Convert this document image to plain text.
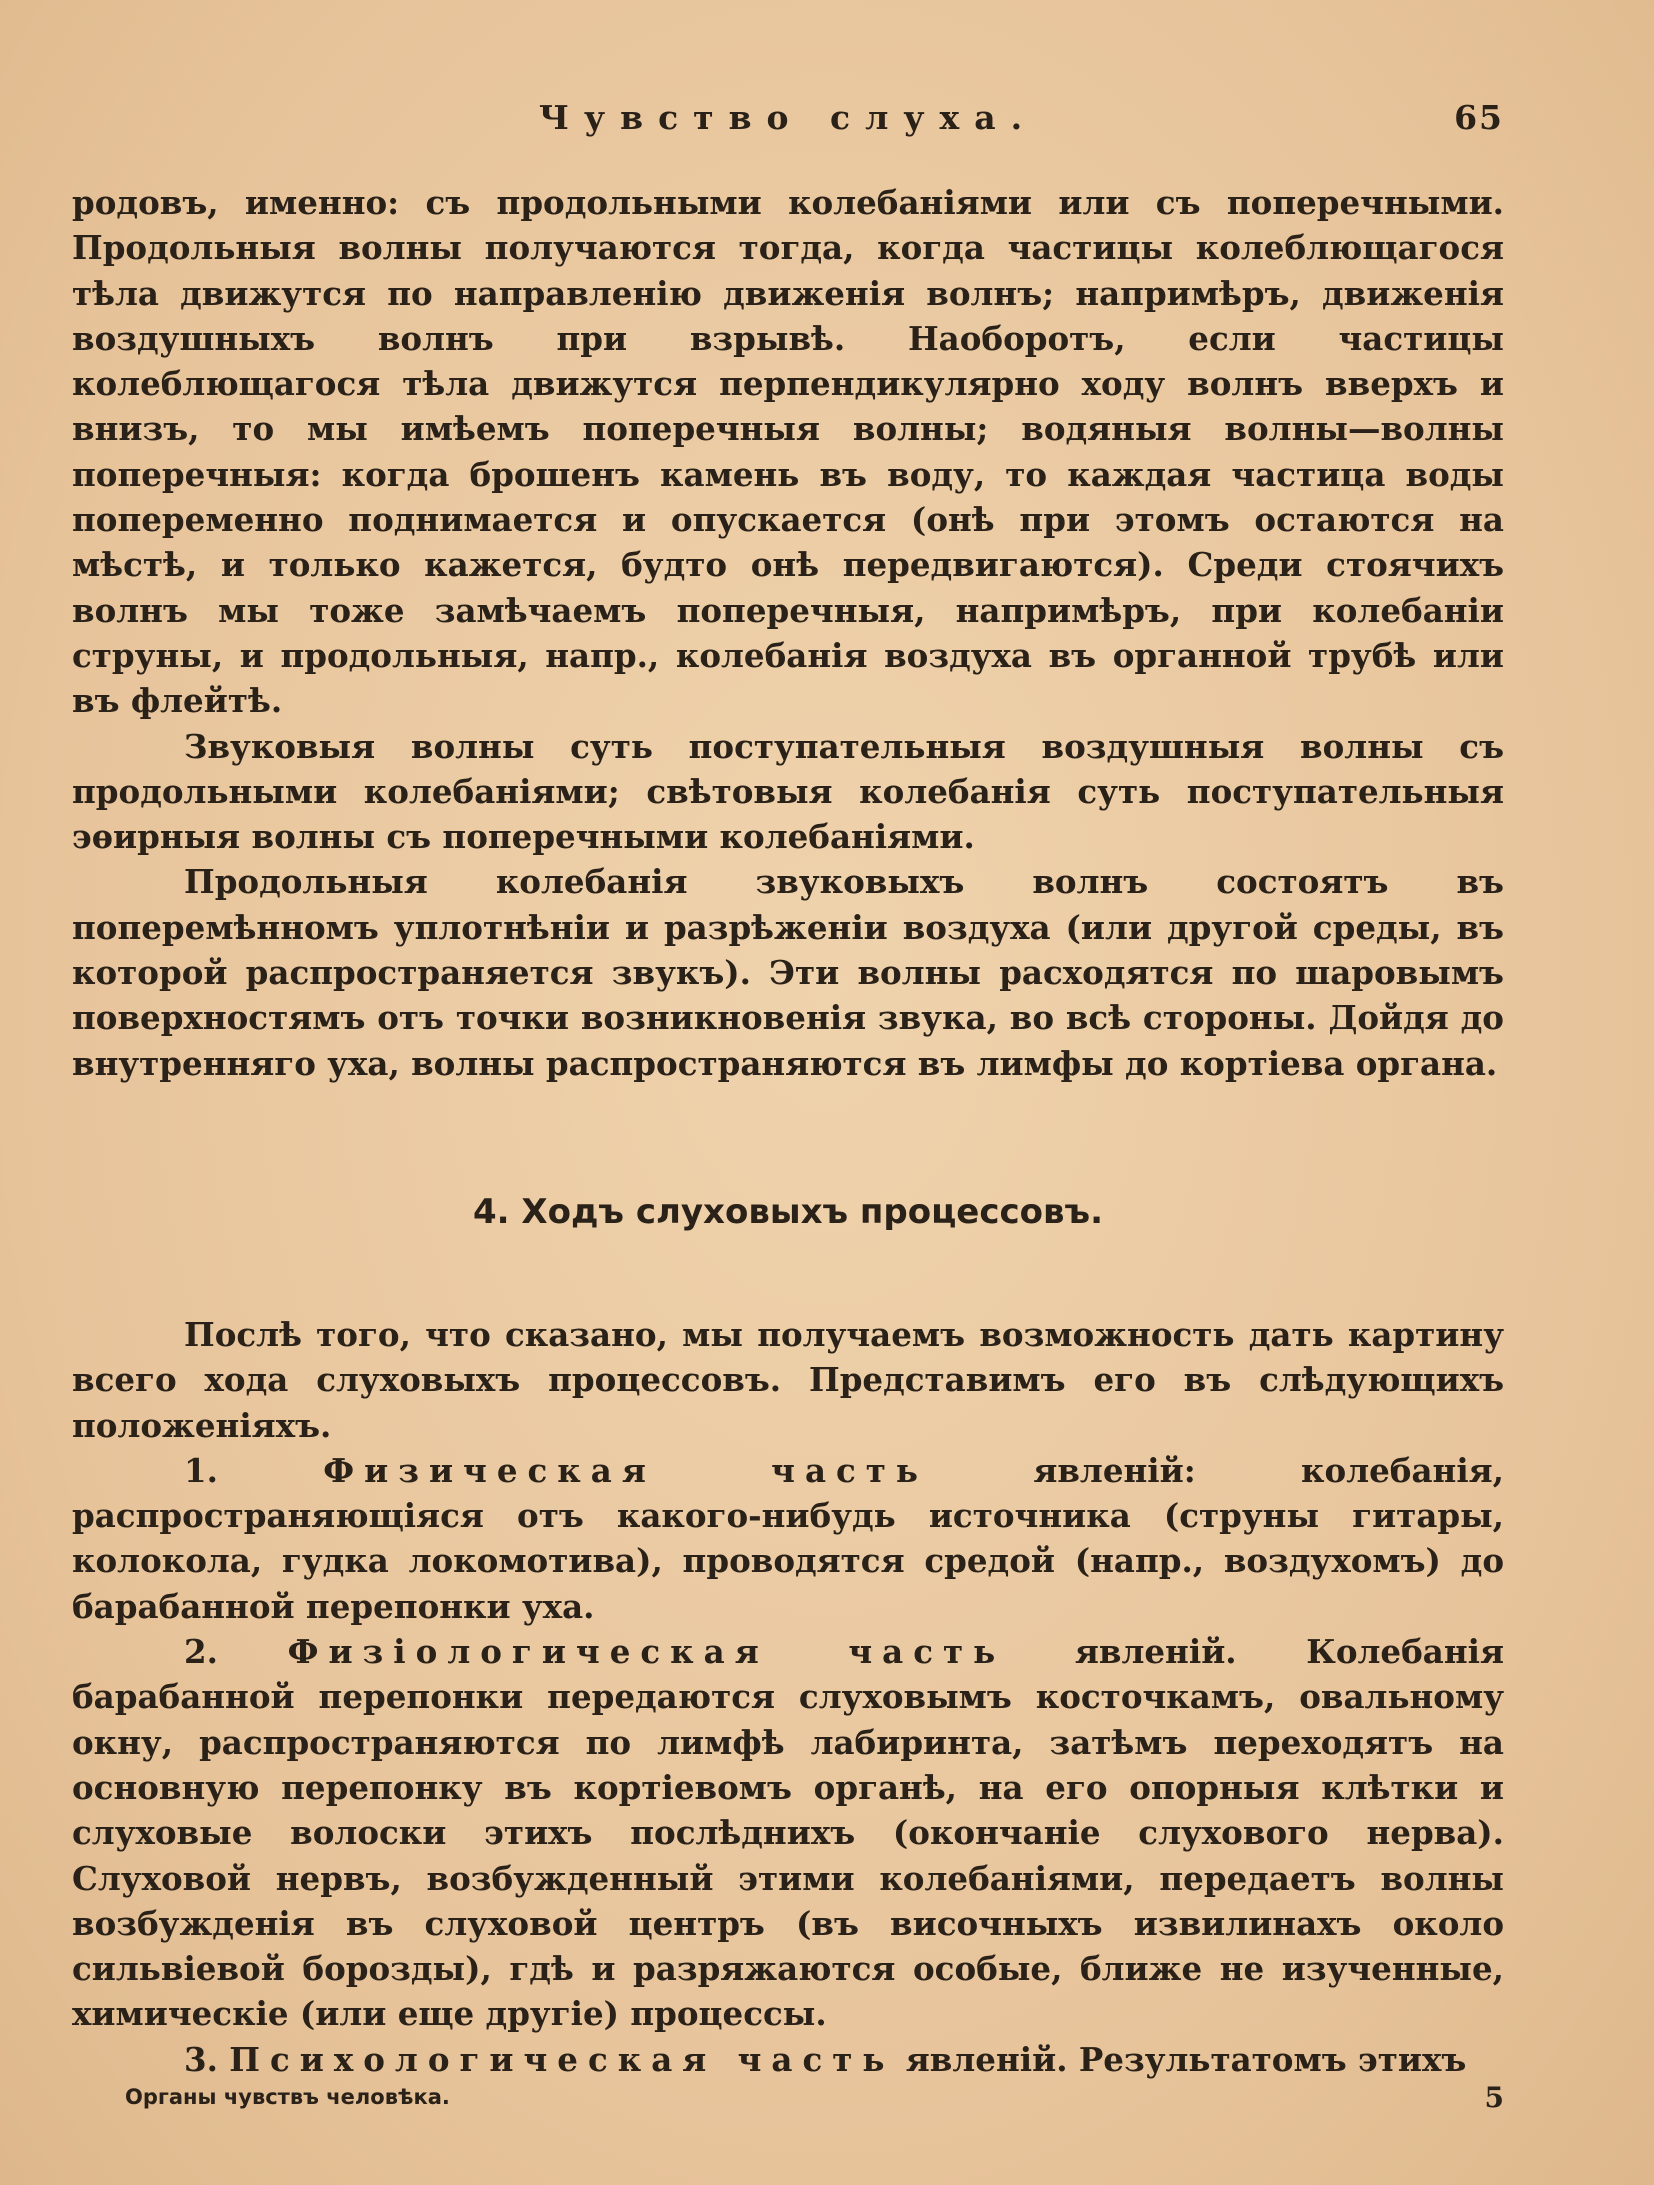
Чувство слуха.	65

родовъ, именно: съ продольными колебаніями или съ поперечными. Продольныя волны получаются тогда, когда частицы колеблющагося тѣла движутся по направленію движенія волнъ; напримѣръ, движенія воздушныхъ волнъ при взрывѣ. Наоборотъ, если частицы колеблющагося тѣла движутся перпендикулярно ходу волнъ вверхъ и внизъ, то мы имѣемъ поперечныя волны; водяныя волны—волны поперечныя: когда брошенъ камень въ воду, то каждая частица воды попеременно поднимается и опускается (онѣ при этомъ остаются на мѣстѣ, и только кажется, будто онѣ передвигаются). Среди стоячихъ волнъ мы тоже замѣчаемъ поперечныя, напримѣръ, при колебаніи струны, и продольныя, напр., колебанія воздуха въ органной трубѣ или въ флейтѣ.

Звуковыя волны суть поступательныя воздушныя волны съ продольными колебаніями; свѣтовыя колебанія суть поступательныя эѳирныя волны съ поперечными колебаніями.

Продольныя колебанія звуковыхъ волнъ состоятъ въ поперемѣнномъ уплотнѣніи и разрѣженіи воздуха (или другой среды, въ которой распространяется звукъ). Эти волны расходятся по шаровымъ поверхностямъ отъ точки возникновенія звука, во всѣ стороны. Дойдя до внутренняго уха, волны распространяются въ лимфы до кортіева органа.

4. Ходъ слуховыхъ процессовъ.

Послѣ того, что сказано, мы получаемъ возможность дать картину всего хода слуховыхъ процессовъ. Представимъ его въ слѣдующихъ положеніяхъ.

1.	Физическая часть явленій: колебанія, распространяющіяся отъ какого-нибудь источника (струны гитары, колокола, гудка локомотива), проводятся средой (напр., воздухомъ) до барабанной перепонки уха.

2. Физіологическая часть явленій. Колебанія барабанной перепонки передаются слуховымъ косточкамъ, овальному окну, распространяются по лимфѣ лабиринта, затѣмъ переходятъ на основную перепонку въ кортіевомъ органѣ, на его опорныя клѣтки и слуховые волоски этихъ послѣднихъ (окончаніе слухового нерва). Слуховой нервъ, возбужденный этими колебаніями, передаетъ волны возбужденія въ слуховой центръ (въ височныхъ извилинахъ около сильвіевой борозды), гдѣ и разряжаются особые, ближе не изученные, химическіе (или еще другіе) процессы.

3. Психологическая часть явленій. Результатомъ этихъ

Органы чувствъ человѣка.	5
